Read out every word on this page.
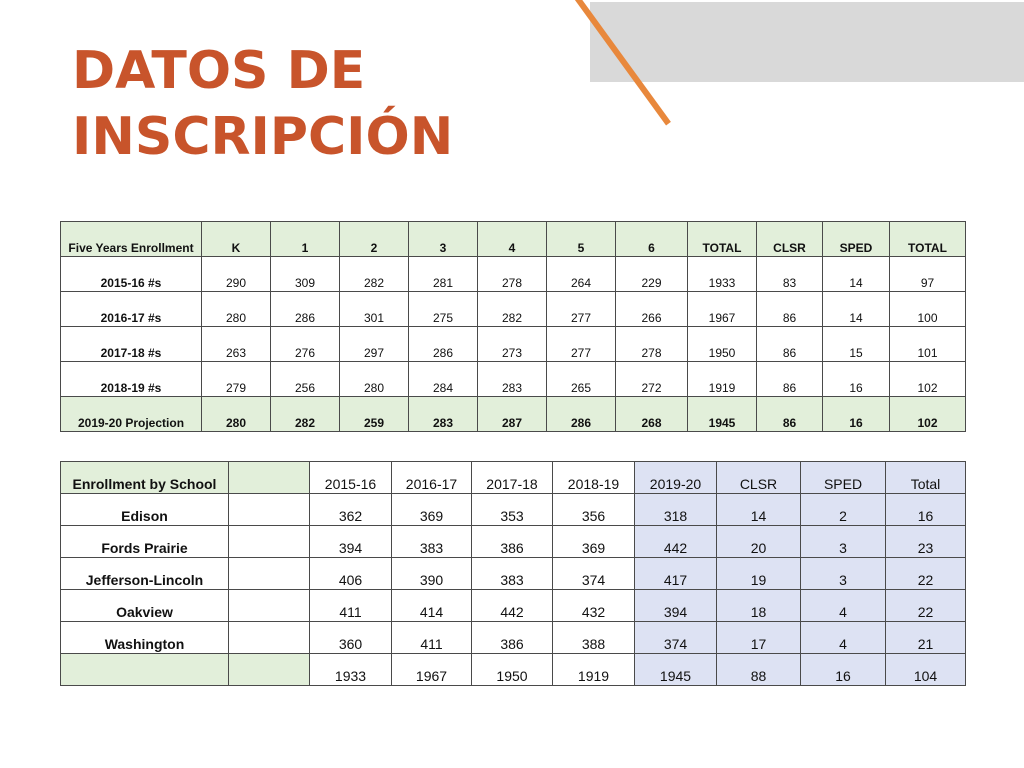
DATOS DE
INSCRIPCIÓN
Five Years Enrollment	K	1	2	3	4	5	6	TOTAL	CLSR	SPED	TOTAL
2015-16 #s	290	309	282	281	278	264	229	1933	83	14	97
2016-17 #s	280	286	301	275	282	277	266	1967	86	14	100
2017-18 #s	263	276	297	286	273	277	278	1950	86	15	101
2018-19 #s	279	256	280	284	283	265	272	1919	86	16	102
2019-20 Projection	280	282	259	283	287	286	268	1945	86	16	102
Enrollment by School		2015-16	2016-17	2017-18	2018-19	2019-20	CLSR	SPED	Total
Edison		362	369	353	356	318	14	2	16
Fords Prairie		394	383	386	369	442	20	3	23
Jefferson-Lincoln		406	390	383	374	417	19	3	22
Oakview		411	414	442	432	394	18	4	22
Washington		360	411	386	388	374	17	4	21
		1933	1967	1950	1919	1945	88	16	104
